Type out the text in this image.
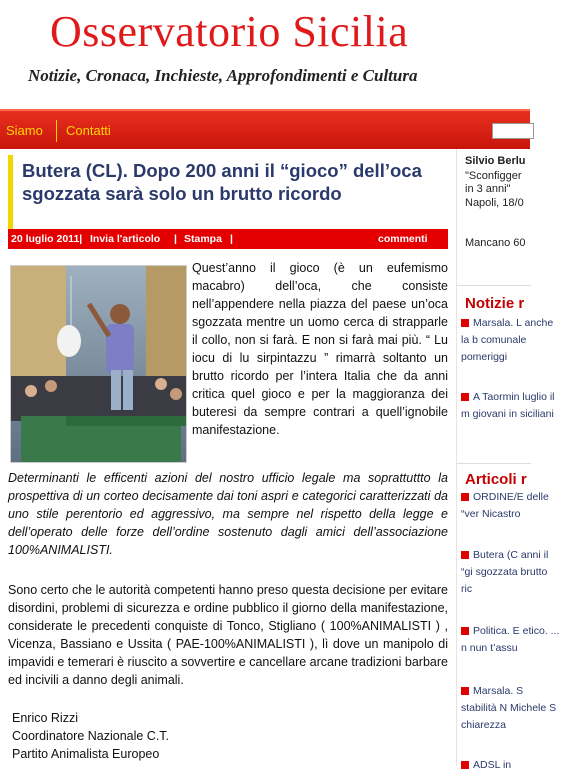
Osservatorio Sicilia
Notizie, Cronaca, Inchieste, Approfondimenti e Cultura
Siamo Contatti
Butera (CL). Dopo 200 anni il “gioco” dell’oca sgozzata sarà solo un brutto ricordo
20 luglio 2011| Invia l'articolo | Stampa |	commenti

Quest’anno il gioco (è un eufemismo macabro) dell’oca, che consiste nell’appendere nella piazza del paese un’oca sgozzata mentre un uomo cerca di strapparle il collo, non si farà. E non si farà mai più. “ Lu iocu di lu sirpintazzu ” rimarrà soltanto un brutto ricordo per l’intera Italia che da anni critica quel gioco e per la maggioranza dei buteresi da sempre contrari a quell’ignobile manifestazione.

Determinanti le efficenti azioni del nostro ufficio legale ma soprattuttto la prospettiva di un corteo decisamente dai toni aspri e categorici caratterizzati da uno stile perentorio ed aggressivo, ma sempre nel rispetto della legge e dell’operato delle forze dell’ordine sostenuto dagli amici dell’associazione 100%ANIMALISTI.

Sono certo che le autorità competenti hanno preso questa decisione per evitare disordini, problemi di sicurezza e ordine pubblico il giorno della manifestazione, considerate le precedenti conquiste di Tonco, Stigliano ( 100%ANIMALISTI ) , Vicenza, Bassiano e Ussita ( PAE-100%ANIMALISTI ), lì dove un manipolo di impavidi e temerari è riuscito a sovvertire e cancellare arcane tradizioni barbare ed incivili a danno degli animali.

Enrico Rizzi
Coordinatore Nazionale C.T.
Partito Animalista Europeo
Silvio Berlu
"Sconfigger
in 3 anni"
Napoli, 18/0
Mancano 60
Notizie r
Marsala. L anche la b comunale pomeriggi
A Taormin luglio il m giovani in siciliani
Articoli r
ORDINE/E delle “ver Nicastro
Butera (C anni il “gi sgozzata brutto ric
Politica. E etico. ... n nun t’assu
Marsala. S stabilità N Michele S chiarezza
ADSL in
